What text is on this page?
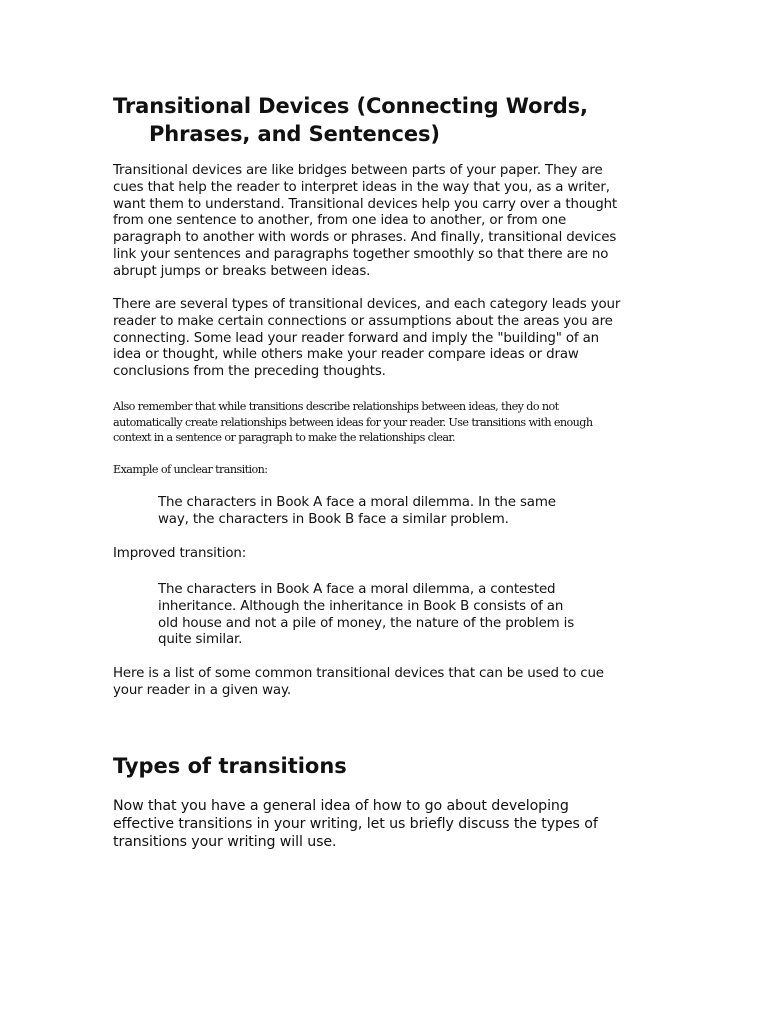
Transitional Devices (Connecting Words,
Phrases, and Sentences)

Transitional devices are like bridges between parts of your paper. They are
cues that help the reader to interpret ideas in the way that you, as a writer,
want them to understand. Transitional devices help you carry over a thought
from one sentence to another, from one idea to another, or from one
paragraph to another with words or phrases. And finally, transitional devices
link your sentences and paragraphs together smoothly so that there are no
abrupt jumps or breaks between ideas.

There are several types of transitional devices, and each category leads your
reader to make certain connections or assumptions about the areas you are
connecting. Some lead your reader forward and imply the "building" of an
idea or thought, while others make your reader compare ideas or draw
conclusions from the preceding thoughts.

Also remember that while transitions describe relationships between ideas, they do not
automatically create relationships between ideas for your reader. Use transitions with enough
context in a sentence or paragraph to make the relationships clear.

Example of unclear transition:

The characters in Book A face a moral dilemma. In the same
way, the characters in Book B face a similar problem.

Improved transition:

The characters in Book A face a moral dilemma, a contested
inheritance. Although the inheritance in Book B consists of an
old house and not a pile of money, the nature of the problem is
quite similar.

Here is a list of some common transitional devices that can be used to cue
your reader in a given way.

Types of transitions

Now that you have a general idea of how to go about developing
effective transitions in your writing, let us briefly discuss the types of
transitions your writing will use.
